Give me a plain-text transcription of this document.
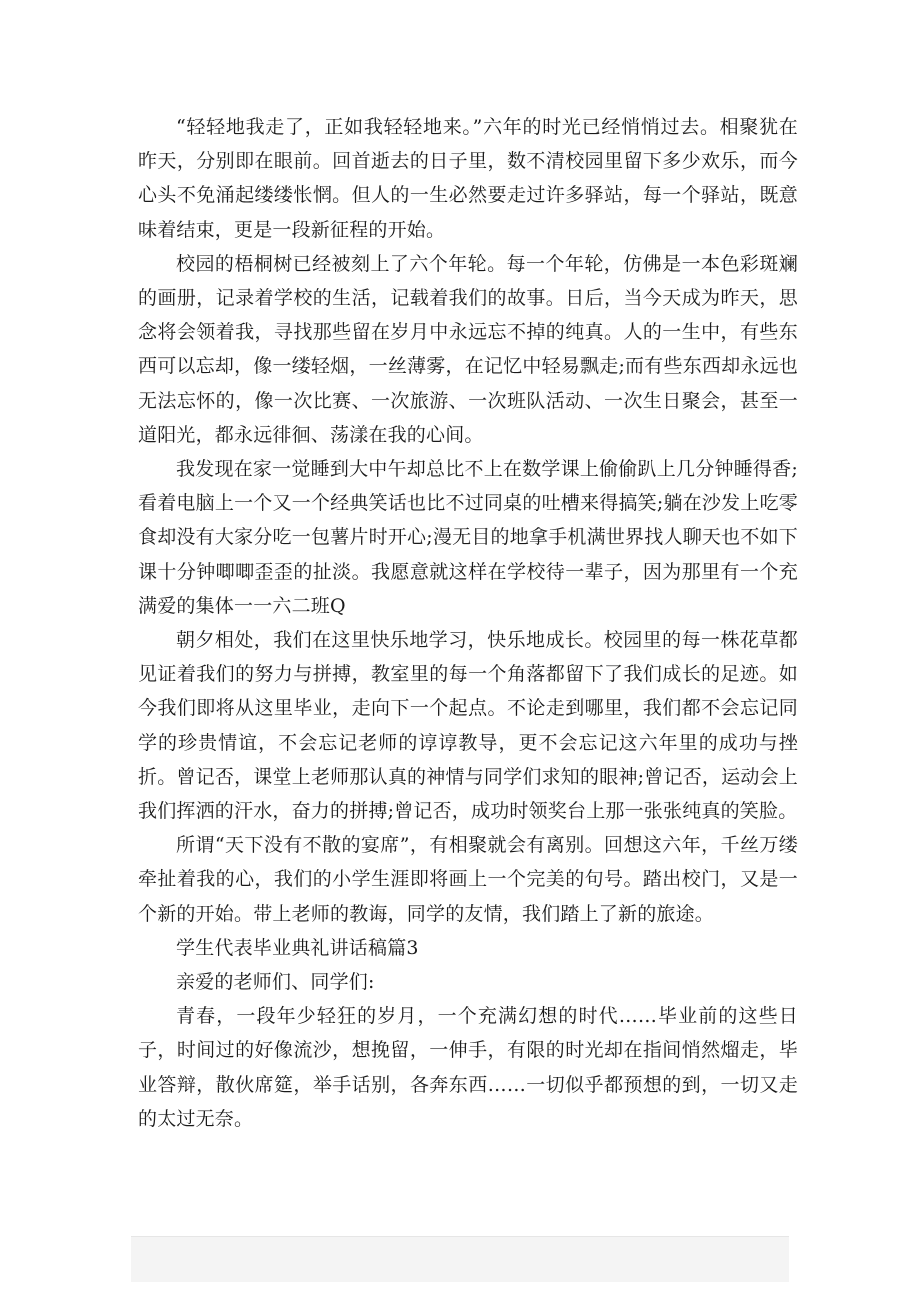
“轻轻地我走了，正如我轻轻地来。”六年的时光已经悄悄过去。相聚犹在昨天，分别即在眼前。回首逝去的日子里，数不清校园里留下多少欢乐，而今心头不免涌起缕缕怅惘。但人的一生必然要走过许多驿站，每一个驿站，既意味着结束，更是一段新征程的开始。

校园的梧桐树已经被刻上了六个年轮。每一个年轮，仿佛是一本色彩斑斓的画册，记录着学校的生活，记载着我们的故事。日后，当今天成为昨天，思念将会领着我，寻找那些留在岁月中永远忘不掉的纯真。人的一生中，有些东西可以忘却，像一缕轻烟，一丝薄雾，在记忆中轻易飘走;而有些东西却永远也无法忘怀的，像一次比赛、一次旅游、一次班队活动、一次生日聚会，甚至一道阳光，都永远徘徊、荡漾在我的心间。

我发现在家一觉睡到大中午却总比不上在数学课上偷偷趴上几分钟睡得香;看着电脑上一个又一个经典笑话也比不过同桌的吐槽来得搞笑;躺在沙发上吃零食却没有大家分吃一包薯片时开心;漫无目的地拿手机满世界找人聊天也不如下课十分钟唧唧歪歪的扯淡。我愿意就这样在学校待一辈子，因为那里有一个充满爱的集体一一六二班Q

朝夕相处，我们在这里快乐地学习，快乐地成长。校园里的每一株花草都见证着我们的努力与拼搏，教室里的每一个角落都留下了我们成长的足迹。如今我们即将从这里毕业，走向下一个起点。不论走到哪里，我们都不会忘记同学的珍贵情谊，不会忘记老师的谆谆教导，更不会忘记这六年里的成功与挫折。曾记否，课堂上老师那认真的神情与同学们求知的眼神;曾记否，运动会上我们挥洒的汗水，奋力的拼搏;曾记否，成功时领奖台上那一张张纯真的笑脸。

所谓“天下没有不散的宴席”，有相聚就会有离别。回想这六年，千丝万缕牵扯着我的心，我们的小学生涯即将画上一个完美的句号。踏出校门，又是一个新的开始。带上老师的教诲，同学的友情，我们踏上了新的旅途。

学生代表毕业典礼讲话稿篇3

亲爱的老师们、同学们:

青春，一段年少轻狂的岁月，一个充满幻想的时代……毕业前的这些日子，时间过的好像流沙，想挽留，一伸手，有限的时光却在指间悄然熘走，毕业答辩，散伙席筵，举手话别，各奔东西……一切似乎都预想的到，一切又走的太过无奈。
